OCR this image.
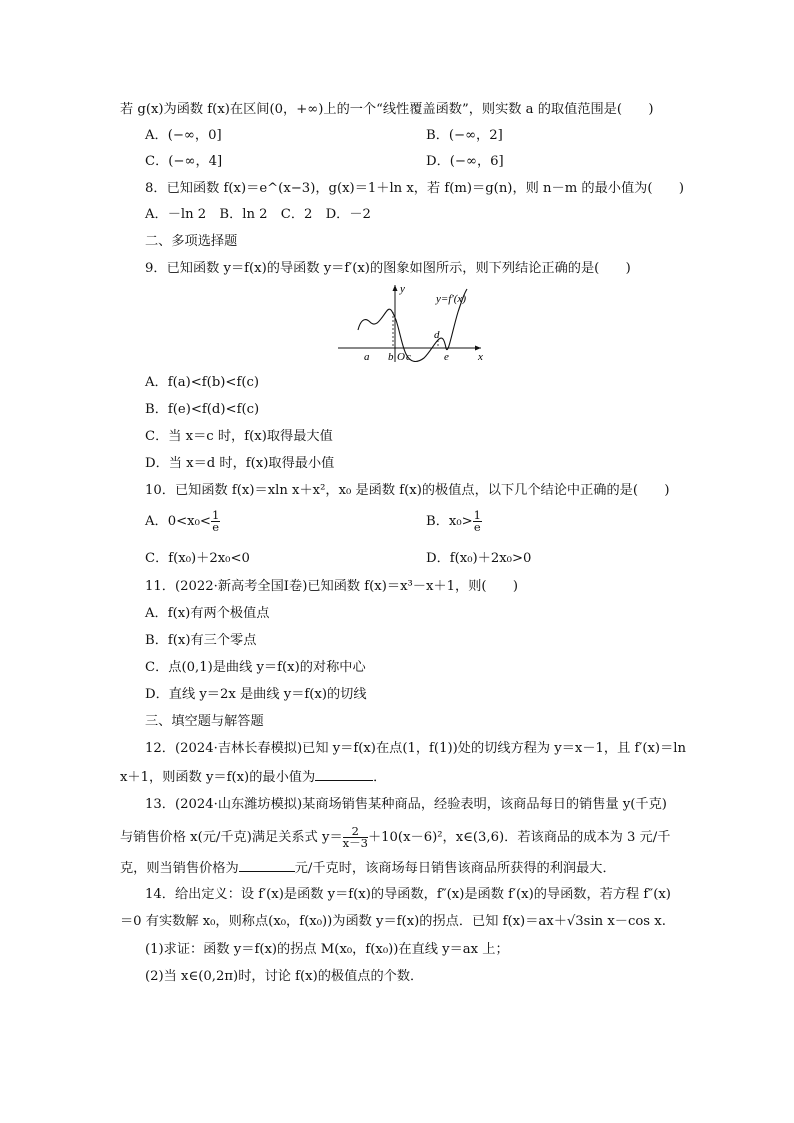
若 g(x)为函数 f(x)在区间(0，+∞)上的一个“线性覆盖函数”，则实数 a 的取值范围是(　　)
A．(−∞，0]	B．(−∞，2]
C．(−∞，4]	D．(−∞，6]
8．已知函数 f(x)＝e^(x−3)，g(x)＝1＋ln x，若 f(m)＝g(n)，则 n－m 的最小值为(　　)
A．－ln 2　B．ln 2　C．2　D．－2
二、多项选择题
9．已知函数 y＝f(x)的导函数 y＝f′(x)的图象如图所示，则下列结论正确的是(　　)
y
x
y=f′(x)
a b O c
d
e
A．f(a)<f(b)<f(c)
B．f(e)<f(d)<f(c)
C．当 x＝c 时，f(x)取得最大值
D．当 x＝d 时，f(x)取得最小值
10．已知函数 f(x)＝xln x＋x²，x₀ 是函数 f(x)的极值点，以下几个结论中正确的是(　　)
A．$0<x_0< \frac{1}{e}$	B．$x_0> \frac{1}{e}$
C．f(x₀)＋2x₀<0	D．f(x₀)＋2x₀>0
11．(2022·新高考全国Ⅰ卷)已知函数 f(x)＝x³－x＋1，则(　　)
A．f(x)有两个极值点
B．f(x)有三个零点
C．点(0,1)是曲线 y＝f(x)的对称中心
D．直线 y＝2x 是曲线 y＝f(x)的切线
三、填空题与解答题
12．(2024·吉林长春模拟)已知 y＝f(x)在点(1，f(1))处的切线方程为 y＝x－1，且 f′(x)＝ln
x＋1，则函数 y＝f(x)的最小值为	．
13．(2024·山东潍坊模拟)某商场销售某种商品，经验表明，该商品每日的销售量 y(千克)
与销售价格 x(元/千克)满足关系式 $y= \frac{2}{x-3} +10(x-6)^2$，x∈(3,6)．若该商品的成本为 3 元/千
克，则当销售价格为	元/千克时，该商场每日销售该商品所获得的利润最大．
14．给出定义：设 f′(x)是函数 y＝f(x)的导函数，f″(x)是函数 f′(x)的导函数，若方程 f″(x)
＝0 有实数解 x₀，则称点(x₀，f(x₀))为函数 y＝f(x)的拐点．已知 f(x)＝ax＋√3sin x－cos x.
(1)求证：函数 y＝f(x)的拐点 M(x₀，f(x₀))在直线 y＝ax 上；
(2)当 x∈(0,2π)时，讨论 f(x)的极值点的个数．
